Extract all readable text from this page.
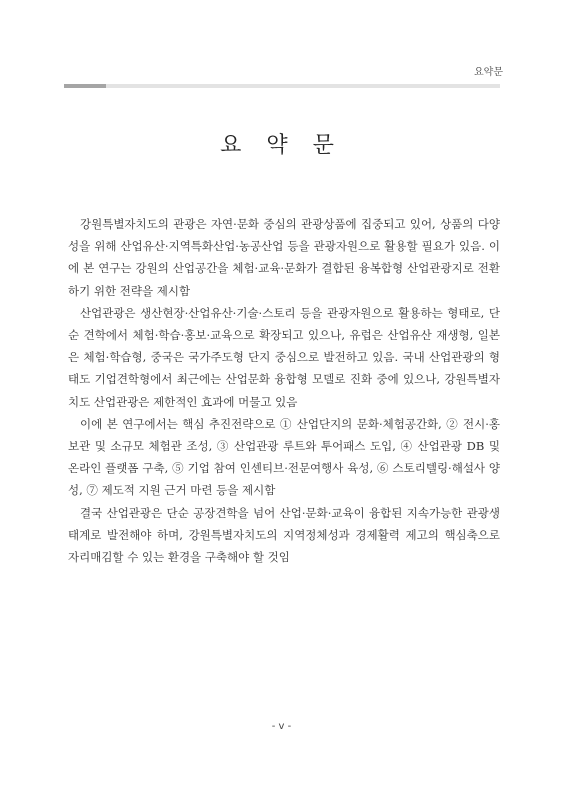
요약문
요 약 문

강원특별자치도의 관광은 자연·문화 중심의 관광상품에 집중되고 있어, 상품의 다양성을 위해 산업유산·지역특화산업·농공산업 등을 관광자원으로 활용할 필요가 있음. 이에 본 연구는 강원의 산업공간을 체험·교육·문화가 결합된 융복합형 산업관광지로 전환하기 위한 전략을 제시함

산업관광은 생산현장·산업유산·기술·스토리 등을 관광자원으로 활용하는 형태로, 단순 견학에서 체험·학습·홍보·교육으로 확장되고 있으나, 유럽은 산업유산 재생형, 일본은 체험·학습형, 중국은 국가주도형 단지 중심으로 발전하고 있음. 국내 산업관광의 형태도 기업견학형에서 최근에는 산업문화 융합형 모델로 진화 중에 있으나, 강원특별자치도 산업관광은 제한적인 효과에 머물고 있음

이에 본 연구에서는 핵심 추진전략으로 ① 산업단지의 문화·체험공간화, ② 전시·홍보관 및 소규모 체험관 조성, ③ 산업관광 루트와 투어패스 도입, ④ 산업관광 DB 및 온라인 플랫폼 구축, ⑤ 기업 참여 인센티브·전문여행사 육성, ⑥ 스토리텔링·해설사 양성, ⑦ 제도적 지원 근거 마련 등을 제시함

결국 산업관광은 단순 공장견학을 넘어 산업·문화·교육이 융합된 지속가능한 관광생태계로 발전해야 하며, 강원특별자치도의 지역정체성과 경제활력 제고의 핵심축으로 자리매김할 수 있는 환경을 구축해야 할 것임

- v -
